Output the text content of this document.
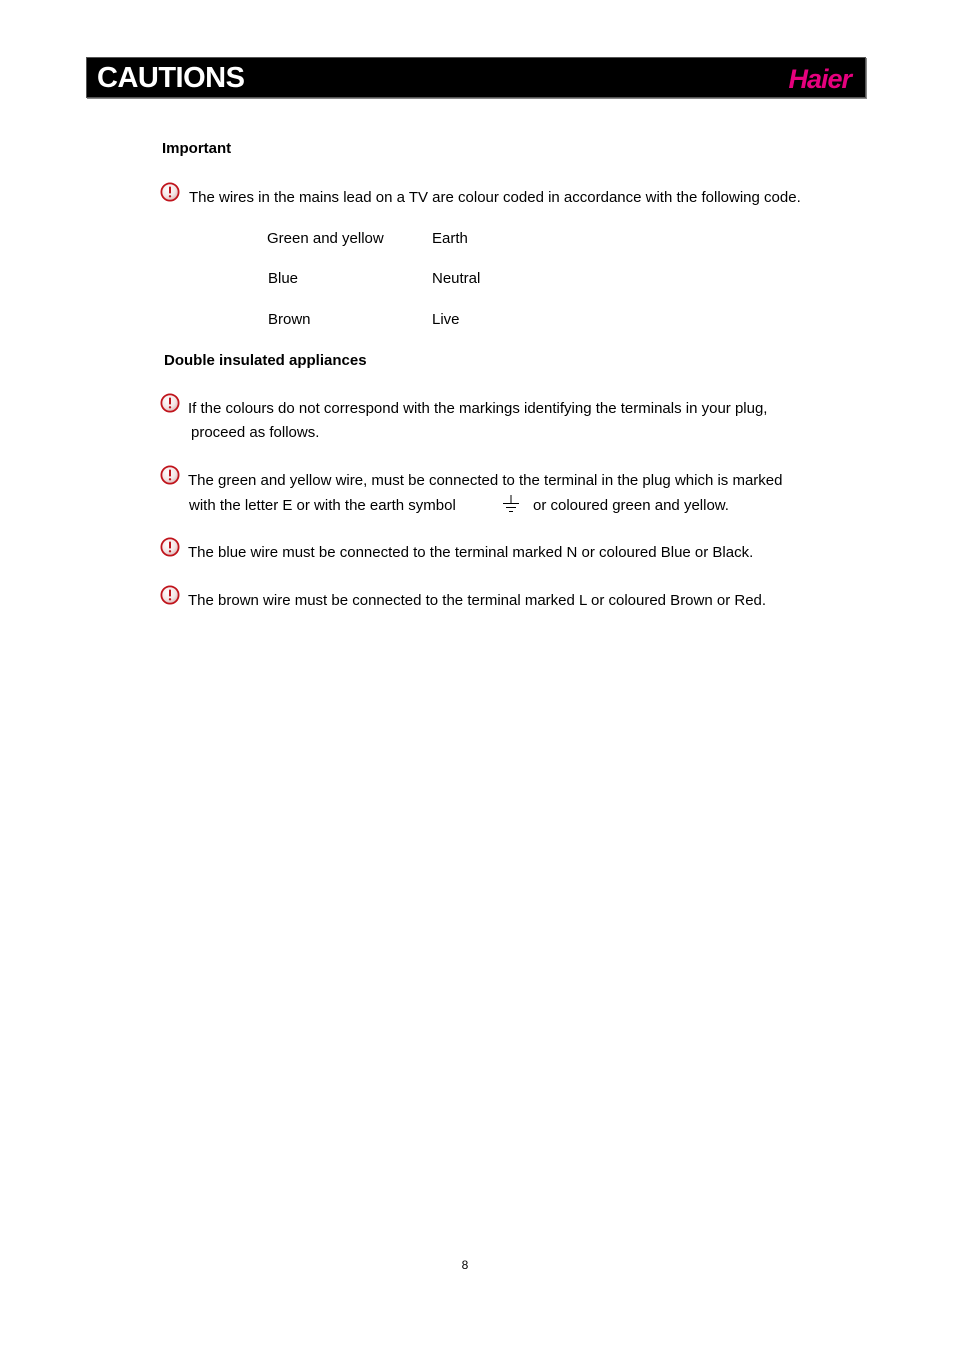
CAUTIONS	Haier
Important
The wires in the mains lead on a TV are colour coded in accordance with the following code.
Green and yellow	Earth
Blue	Neutral
Brown	Live
Double insulated appliances
If the colours do not correspond with the markings identifying the terminals in your plug,
proceed as follows.
The green and yellow wire, must be connected to the terminal in the plug which is marked
with the letter E or with the earth symbol	or coloured green and yellow.
The blue wire must be connected to the terminal marked N or coloured Blue or Black.
The brown wire must be connected to the terminal marked L or coloured Brown or Red.
8
